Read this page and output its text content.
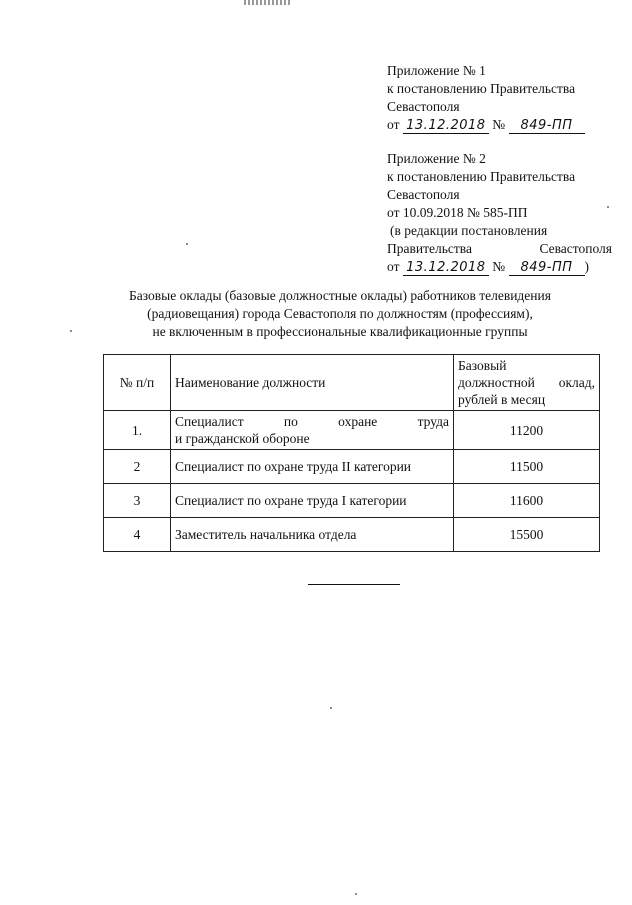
Приложение № 1
к постановлению Правительства
Севастополя
от 13.12.2018 № 849-ПП
Приложение № 2
к постановлению Правительства
Севастополя
от 10.09.2018 № 585-ПП
(в редакции постановления
Правительства	Севастополя
от 13.12.2018 № 849-ПП )
Базовые оклады (базовые должностные оклады) работников телевидения
(радиовещания) города Севастополя по должностям (профессиям),
не включенным в профессиональные квалификационные группы
№ п/п	Наименование должности	Базовый
должностной оклад,
рублей в месяц

1.	Специалист по охране труда
и гражданской обороне	11200
2	Специалист по охране труда II категории	11500
3	Специалист по охране труда I категории	11600
4	Заместитель начальника отдела	15500
